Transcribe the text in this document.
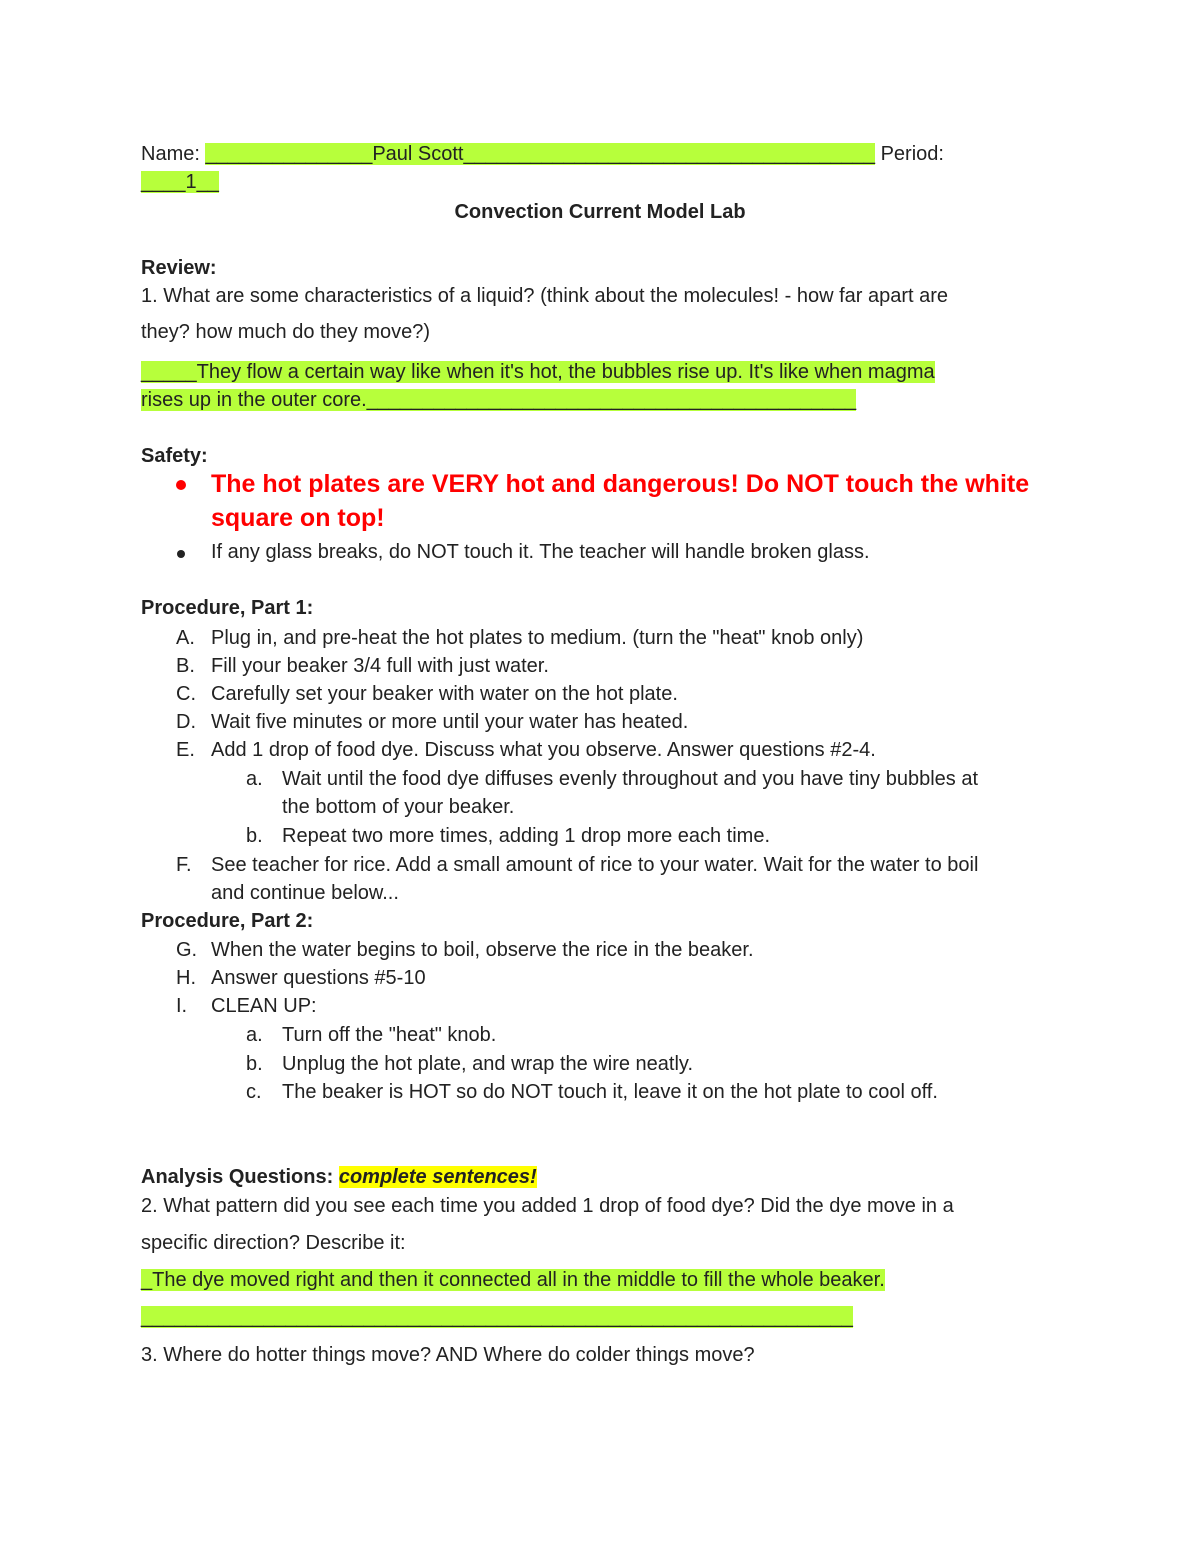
Name: _______________Paul Scott_____________________________________ Period:
____1__
Convection Current Model Lab
Review:
1. What are some characteristics of a liquid? (think about the molecules! - how far apart are
they? how much do they move?)
_____They flow a certain way like when it's hot, the bubbles rise up. It's like when magma
rises up in the outer core.____________________________________________
Safety:
The hot plates are VERY hot and dangerous! Do NOT touch the white
square on top!
If any glass breaks, do NOT touch it. The teacher will handle broken glass.
Procedure, Part 1:
A. Plug in, and pre-heat the hot plates to medium. (turn the "heat" knob only)
B. Fill your beaker 3/4 full with just water.
C. Carefully set your beaker with water on the hot plate.
D. Wait five minutes or more until your water has heated.
E. Add 1 drop of food dye. Discuss what you observe. Answer questions #2-4.
a. Wait until the food dye diffuses evenly throughout and you have tiny bubbles at
the bottom of your beaker.
b. Repeat two more times, adding 1 drop more each time.
F. See teacher for rice. Add a small amount of rice to your water. Wait for the water to boil
and continue below...
Procedure, Part 2:
G. When the water begins to boil, observe the rice in the beaker.
H. Answer questions #5-10
I. CLEAN UP:
a. Turn off the "heat" knob.
b. Unplug the hot plate, and wrap the wire neatly.
c. The beaker is HOT so do NOT touch it, leave it on the hot plate to cool off.
Analysis Questions: complete sentences!
2. What pattern did you see each time you added 1 drop of food dye? Did the dye move in a
specific direction? Describe it:
_The dye moved right and then it connected all in the middle to fill the whole beaker.
________________________________________________________________
3. Where do hotter things move? AND Where do colder things move?
